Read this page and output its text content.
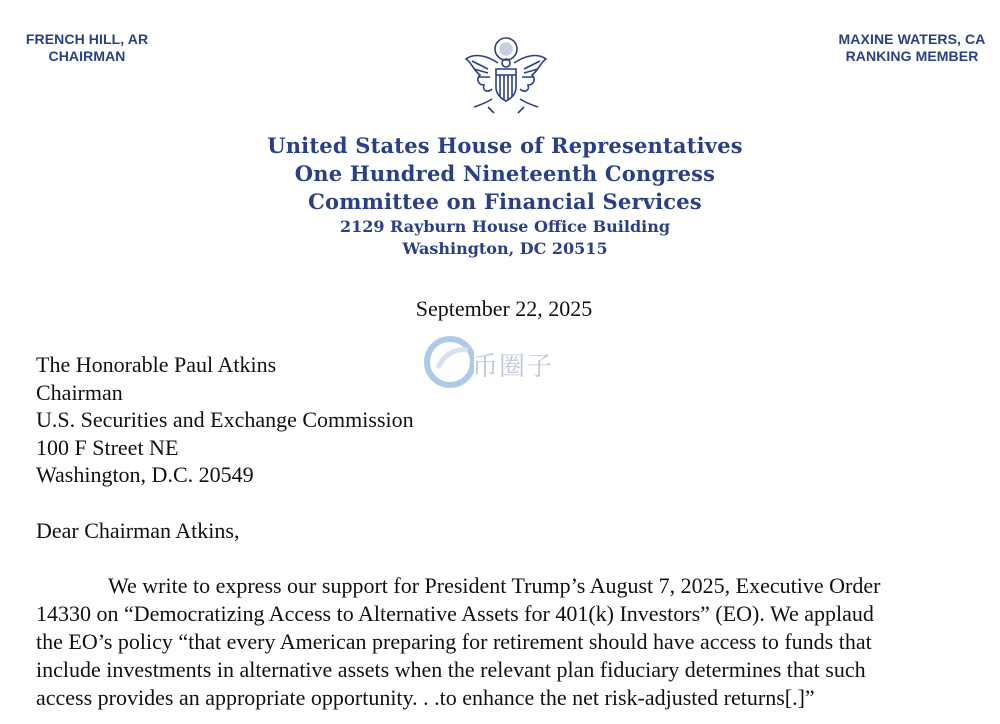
FRENCH HILL, AR
CHAIRMAN
MAXINE WATERS, CA
RANKING MEMBER
United States House of Representatives
One Hundred Nineteenth Congress
Committee on Financial Services
2129 Rayburn House Office Building
Washington, DC 20515
September 22, 2025
The Honorable Paul Atkins
Chairman
U.S. Securities and Exchange Commission
100 F Street NE
Washington, D.C. 20549
Dear Chairman Atkins,
We write to express our support for President Trump’s August 7, 2025, Executive Order
14330 on “Democratizing Access to Alternative Assets for 401(k) Investors” (EO). We applaud
the EO’s policy “that every American preparing for retirement should have access to funds that
include investments in alternative assets when the relevant plan fiduciary determines that such
access provides an appropriate opportunity. . .to enhance the net risk-adjusted returns[.]”
币圈子
